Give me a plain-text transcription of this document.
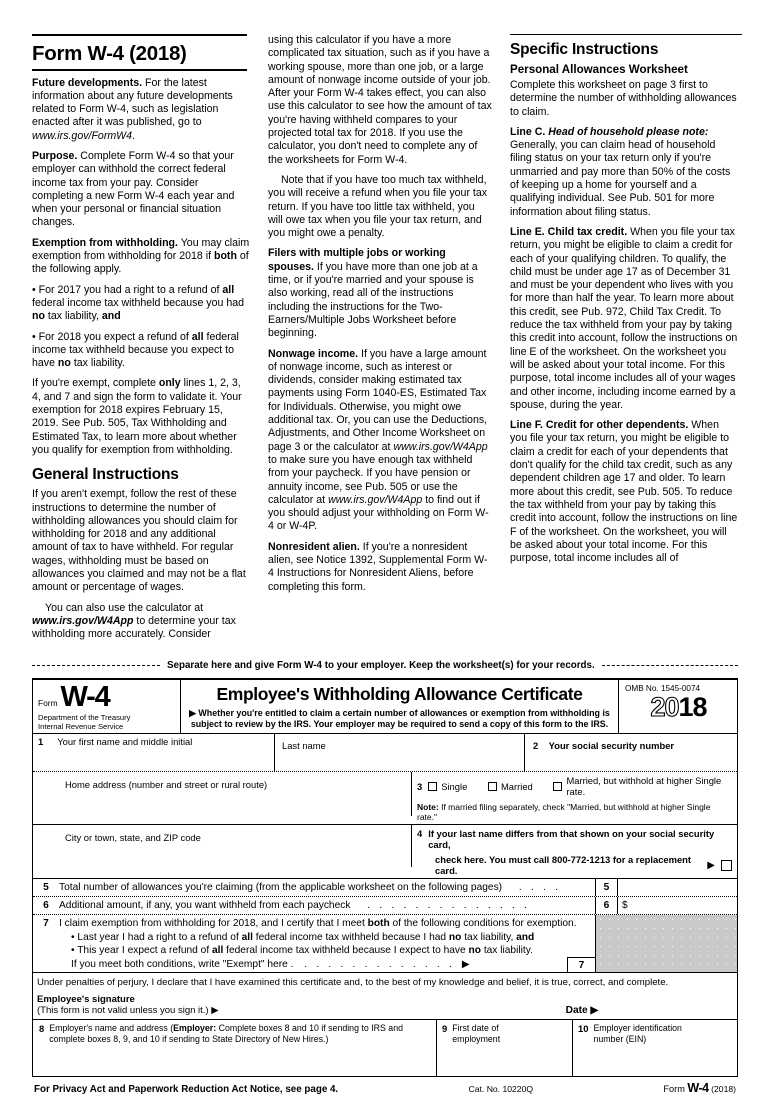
Form W-4 (2018)

Future developments. For the latest information about any future developments related to Form W-4, such as legislation enacted after it was published, go to www.irs.gov/FormW4.

Purpose. Complete Form W-4 so that your employer can withhold the correct federal income tax from your pay. Consider completing a new Form W-4 each year and when your personal or financial situation changes.

Exemption from withholding. You may claim exemption from withholding for 2018 if both of the following apply.

• For 2017 you had a right to a refund of all federal income tax withheld because you had no tax liability, and

• For 2018 you expect a refund of all federal income tax withheld because you expect to have no tax liability.

If you're exempt, complete only lines 1, 2, 3, 4, and 7 and sign the form to validate it. Your exemption for 2018 expires February 15, 2019. See Pub. 505, Tax Withholding and Estimated Tax, to learn more about whether you qualify for exemption from withholding.

General Instructions

If you aren't exempt, follow the rest of these instructions to determine the number of withholding allowances you should claim for withholding for 2018 and any additional amount of tax to have withheld. For regular wages, withholding must be based on allowances you claimed and may not be a flat amount or percentage of wages.

You can also use the calculator at www.irs.gov/W4App to determine your tax withholding more accurately. Consider

using this calculator if you have a more complicated tax situation, such as if you have a working spouse, more than one job, or a large amount of nonwage income outside of your job. After your Form W-4 takes effect, you can also use this calculator to see how the amount of tax you're having withheld compares to your projected total tax for 2018. If you use the calculator, you don't need to complete any of the worksheets for Form W-4.

Note that if you have too much tax withheld, you will receive a refund when you file your tax return. If you have too little tax withheld, you will owe tax when you file your tax return, and you might owe a penalty.

Filers with multiple jobs or working spouses. If you have more than one job at a time, or if you're married and your spouse is also working, read all of the instructions including the instructions for the Two-Earners/Multiple Jobs Worksheet before beginning.

Nonwage income. If you have a large amount of nonwage income, such as interest or dividends, consider making estimated tax payments using Form 1040-ES, Estimated Tax for Individuals. Otherwise, you might owe additional tax. Or, you can use the Deductions, Adjustments, and Other Income Worksheet on page 3 or the calculator at www.irs.gov/W4App to make sure you have enough tax withheld from your paycheck. If you have pension or annuity income, see Pub. 505 or use the calculator at www.irs.gov/W4App to find out if you should adjust your withholding on Form W-4 or W-4P.

Nonresident alien. If you're a nonresident alien, see Notice 1392, Supplemental Form W-4 Instructions for Nonresident Aliens, before completing this form.

Specific Instructions
Personal Allowances Worksheet

Complete this worksheet on page 3 first to determine the number of withholding allowances to claim.

Line C. Head of household please note: Generally, you can claim head of household filing status on your tax return only if you're unmarried and pay more than 50% of the costs of keeping up a home for yourself and a qualifying individual. See Pub. 501 for more information about filing status.

Line E. Child tax credit. When you file your tax return, you might be eligible to claim a credit for each of your qualifying children. To qualify, the child must be under age 17 as of December 31 and must be your dependent who lives with you for more than half the year. To learn more about this credit, see Pub. 972, Child Tax Credit. To reduce the tax withheld from your pay by taking this credit into account, follow the instructions on line E of the worksheet. On the worksheet you will be asked about your total income. For this purpose, total income includes all of your wages and other income, including income earned by a spouse, during the year.

Line F. Credit for other dependents. When you file your tax return, you might be eligible to claim a credit for each of your dependents that don't qualify for the child tax credit, such as any dependent children age 17 and older. To learn more about this credit, see Pub. 505. To reduce the tax withheld from your pay by taking this credit into account, follow the instructions on line F of the worksheet. On the worksheet, you will be asked about your total income. For this purpose, total income includes all of

Separate here and give Form W-4 to your employer. Keep the worksheet(s) for your records.
Form W-4
Department of the Treasury
Internal Revenue Service
Employee's Withholding Allowance Certificate
▶ Whether you're entitled to claim a certain number of allowances or exemption from withholding is
subject to review by the IRS. Your employer may be required to send a copy of this form to the IRS.
OMB No. 1545-0074
20 18
1 Your first name and middle initial	Last name	2 Your social security number
Home address (number and street or rural route)	3 Single	Married	Married, but withhold at higher Single rate.
Note: If married filing separately, check "Married, but withhold at higher Single rate."
City or town, state, and ZIP code	4 If your last name differs from that shown on your social security card,
check here. You must call 800-772-1213 for a replacement card.	▶
5 Total number of allowances you're claiming (from the applicable worksheet on the following pages) . . . .	5
6 Additional amount, if any, you want withheld from each paycheck . . . . . . . . . . . . . .	6	$
7 I claim exemption from withholding for 2018, and I certify that I meet both of the following conditions for exemption.
• Last year I had a right to a refund of all federal income tax withheld because I had no tax liability, and
• This year I expect a refund of all federal income tax withheld because I expect to have no tax liability.
If you meet both conditions, write "Exempt" here . . . . . . . . . . . . . . ▶	7
Under penalties of perjury, I declare that I have examined this certificate and, to the best of my knowledge and belief, it is true, correct, and complete.
Employee's signature
(This form is not valid unless you sign it.) ▶	Date ▶
8 Employer's name and address (Employer: Complete boxes 8 and 10 if sending to IRS and complete boxes 8, 9, and 10 if sending to State Directory of New Hires.)
9 First date of
employment
10 Employer identification
number (EIN)
For Privacy Act and Paperwork Reduction Act Notice, see page 4.	Cat. No. 10220Q	Form W-4 (2018)
